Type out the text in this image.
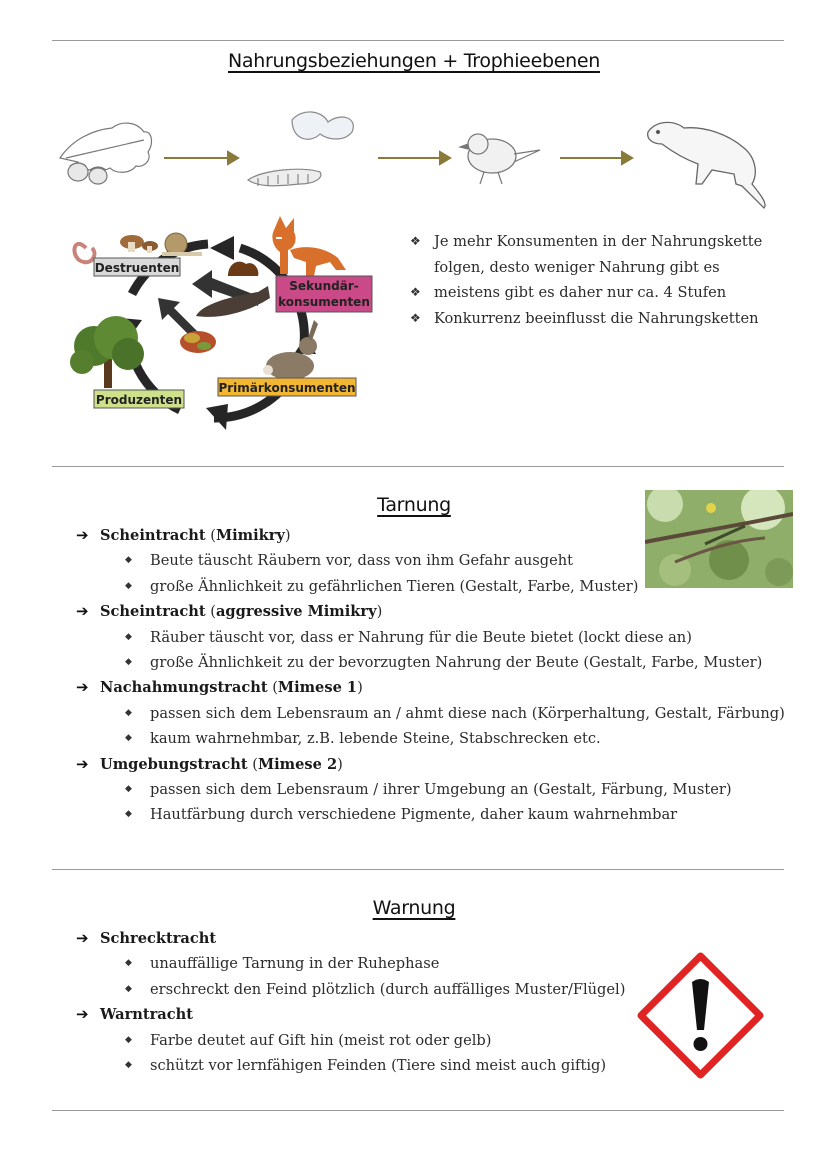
Nahrungsbeziehungen + Trophieebenen
Destruenten
Sekundär-
konsumenten
Produzenten
Primärkonsumenten
❖ Je mehr Konsumenten in der Nahrungskette folgen, desto weniger Nahrung gibt es
❖ meistens gibt es daher nur ca. 4 Stufen
❖ Konkurrenz beeinflusst die Nahrungsketten
Tarnung
➔ Scheintracht (Mimikry)
◆ Beute täuscht Räubern vor, dass von ihm Gefahr ausgeht
◆ große Ähnlichkeit zu gefährlichen Tieren (Gestalt, Farbe, Muster)
➔ Scheintracht (aggressive Mimikry)
◆ Räuber täuscht vor, dass er Nahrung für die Beute bietet (lockt diese an)
◆ große Ähnlichkeit zu der bevorzugten Nahrung der Beute (Gestalt, Farbe, Muster)
➔ Nachahmungstracht (Mimese 1)
◆ passen sich dem Lebensraum an / ahmt diese nach (Körperhaltung, Gestalt, Färbung)
◆ kaum wahrnehmbar, z.B. lebende Steine, Stabschrecken etc.
➔ Umgebungstracht (Mimese 2)
◆ passen sich dem Lebensraum / ihrer Umgebung an (Gestalt, Färbung, Muster)
◆ Hautfärbung durch verschiedene Pigmente, daher kaum wahrnehmbar
Warnung
➔ Schrecktracht
◆ unauffällige Tarnung in der Ruhephase
◆ erschreckt den Feind plötzlich (durch auffälliges Muster/Flügel)
➔ Warntracht
◆ Farbe deutet auf Gift hin (meist rot oder gelb)
◆ schützt vor lernfähigen Feinden (Tiere sind meist auch giftig)
